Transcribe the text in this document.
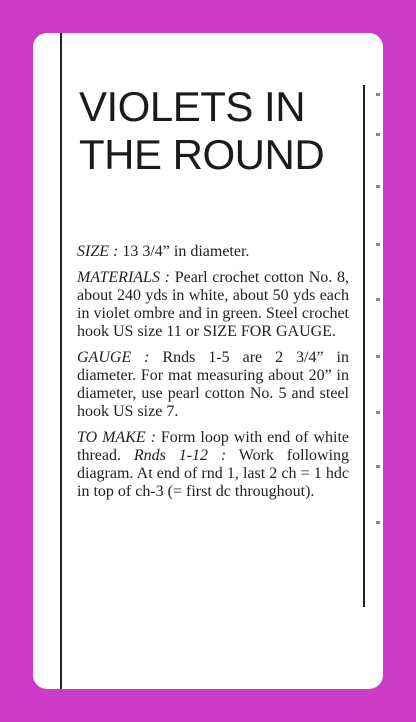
VIOLETS IN
THE ROUND

SIZE : 13 3/4” in diameter.

MATERIALS : Pearl crochet cotton No. 8, about 240 yds in white, about 50 yds each in violet ombre and in green. Steel crochet hook US size 11 or SIZE FOR GAUGE.

GAUGE : Rnds 1-5 are 2 3/4” in diameter. For mat measuring about 20” in diameter, use pearl cotton No. 5 and steel hook US size 7.

TO MAKE : Form loop with end of white thread. Rnds 1-12 : Work following diagram. At end of rnd 1, last 2 ch = 1 hdc in top of ch-3 (= first dc throughout).
